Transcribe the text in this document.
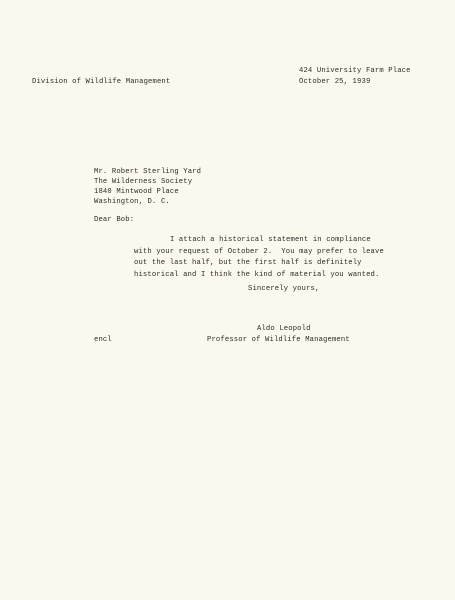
Division of Wildlife Management
424 University Farm Place
October 25, 1939
Mr. Robert Sterling Yard
The Wilderness Society
1840 Mintwood Place
Washington, D. C.
Dear Bob:
I attach a historical statement in compliance
with your request of October 2.  You may prefer to leave
out the last half, but the first half is definitely
historical and I think the kind of material you wanted.
Sincerely yours,
Aldo Leopold
Professor of Wildlife Management
encl
